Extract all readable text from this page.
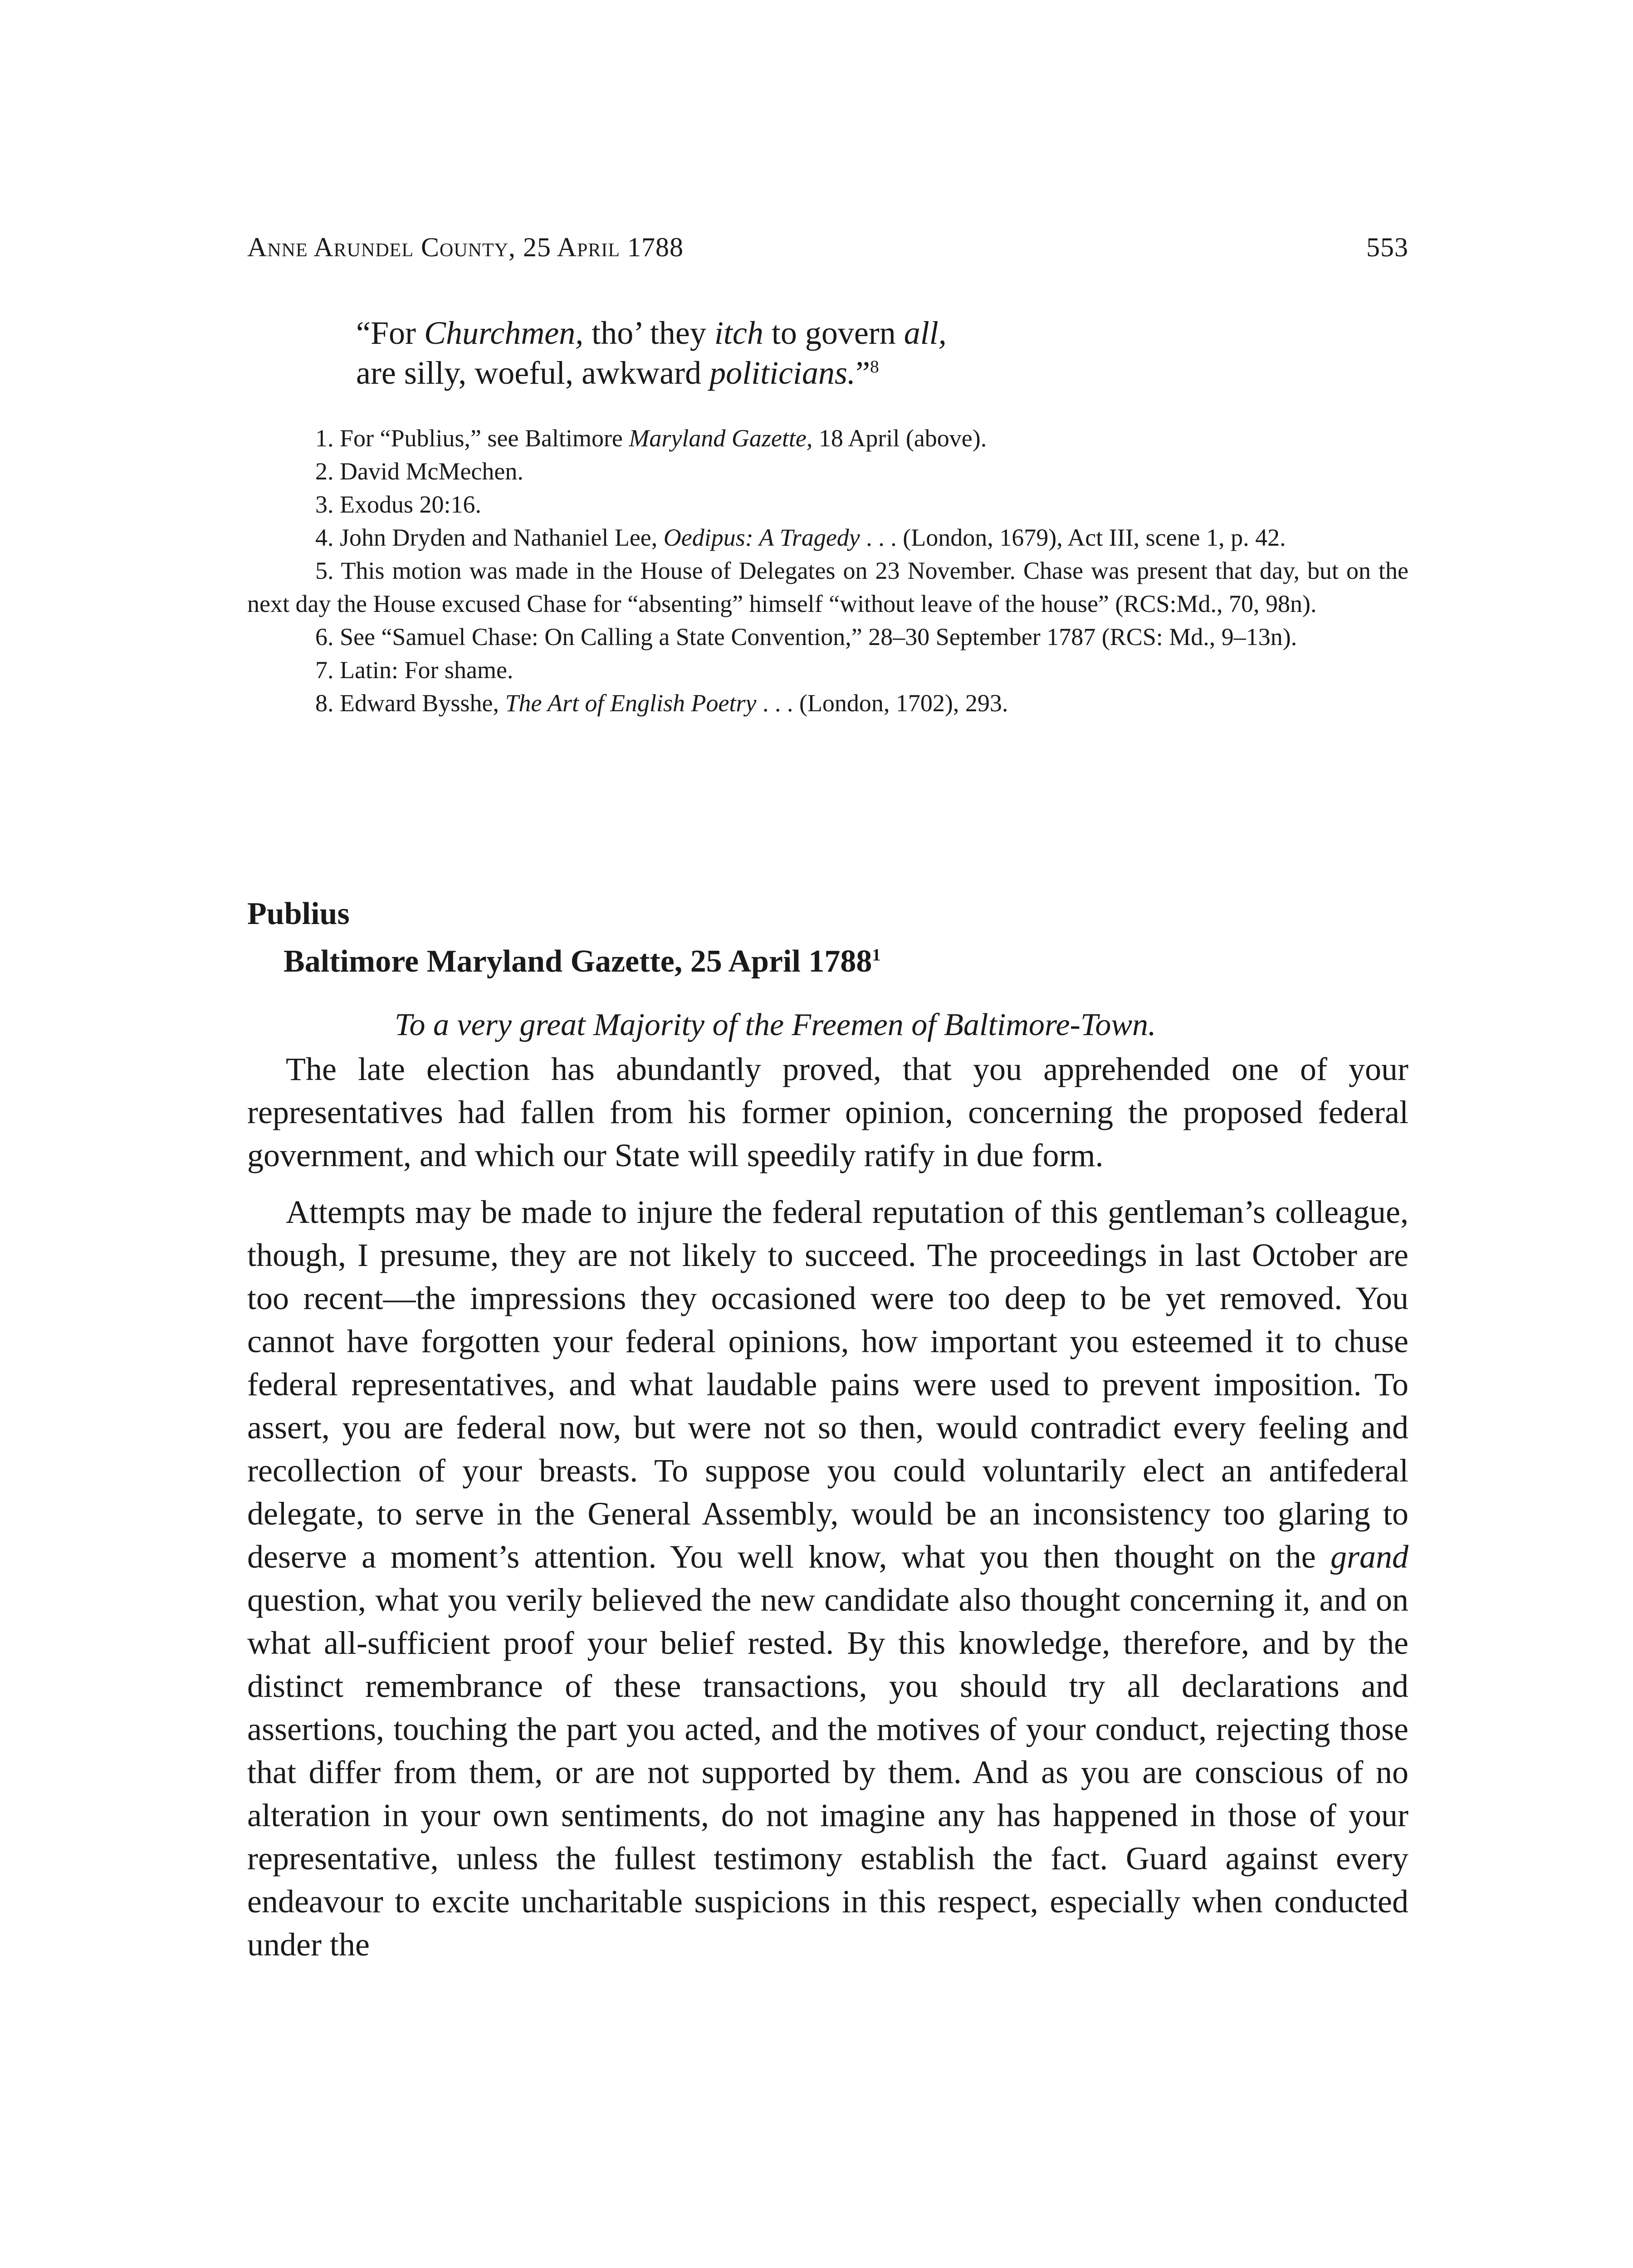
Anne Arundel County, 25 April 1788	553
“For Churchmen, tho’ they itch to govern all,
are silly, woeful, awkward politicians.”$^8$

1. For “Publius,” see Baltimore Maryland Gazette, 18 April (above).

2. David McMechen.

3. Exodus 20:16.

4. John Dryden and Nathaniel Lee, Oedipus: A Tragedy . . . (London, 1679), Act III, scene 1, p. 42.

5. This motion was made in the House of Delegates on 23 November. Chase was present that day, but on the next day the House excused Chase for “absenting” himself “without leave of the house” (RCS:Md., 70, 98n).

6. See “Samuel Chase: On Calling a State Convention,” 28–30 September 1787 (RCS: Md., 9–13n).

7. Latin: For shame.

8. Edward Bysshe, The Art of English Poetry . . . (London, 1702), 293.

Publius
Baltimore Maryland Gazette, 25 April 1788$^1$
To a very great Majority of the Freemen of Baltimore-Town.

The late election has abundantly proved, that you apprehended one of your representatives had fallen from his former opinion, concerning the proposed federal government, and which our State will speedily ratify in due form.

Attempts may be made to injure the federal reputation of this gentleman’s colleague, though, I presume, they are not likely to succeed. The proceedings in last October are too recent—the impressions they occasioned were too deep to be yet removed. You cannot have forgotten your federal opinions, how important you esteemed it to chuse federal representatives, and what laudable pains were used to prevent imposition. To assert, you are federal now, but were not so then, would contradict every feeling and recollection of your breasts. To suppose you could voluntarily elect an antifederal delegate, to serve in the General Assembly, would be an inconsistency too glaring to deserve a moment’s attention. You well know, what you then thought on the grand question, what you verily believed the new candidate also thought concerning it, and on what all-sufficient proof your belief rested. By this knowledge, therefore, and by the distinct remembrance of these transactions, you should try all declarations and assertions, touching the part you acted, and the motives of your conduct, rejecting those that differ from them, or are not supported by them. And as you are conscious of no alteration in your own sentiments, do not imagine any has happened in those of your representative, unless the fullest testimony establish the fact. Guard against every endeavour to excite uncharitable suspicions in this respect, especially when conducted under the
